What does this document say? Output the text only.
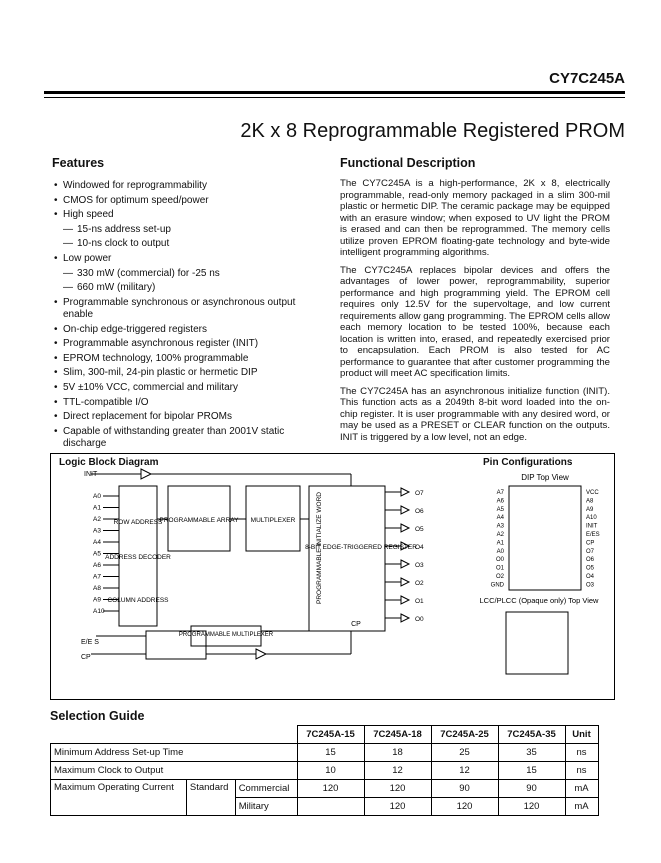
CY7C245A
2K x 8 Reprogrammable Registered PROM
Features
• Windowed for reprogrammability
• CMOS for optimum speed/power
• High speed
— 15-ns address set-up
— 10-ns clock to output
• Low power
— 330 mW (commercial) for -25 ns
— 660 mW (military)
• Programmable synchronous or asynchronous output enable
• On-chip edge-triggered registers
• Programmable asynchronous register (INIT)
• EPROM technology, 100% programmable
• Slim, 300-mil, 24-pin plastic or hermetic DIP
• 5V ±10% VCC, commercial and military
• TTL-compatible I/O
• Direct replacement for bipolar PROMs
• Capable of withstanding greater than 2001V static discharge
Functional Description

The CY7C245A is a high-performance, 2K x 8, electrically programmable, read-only memory packaged in a slim 300-mil plastic or hermetic DIP. The ceramic package may be equipped with an erasure window; when exposed to UV light the PROM is erased and can then be reprogrammed. The memory cells utilize proven EPROM floating-gate technology and byte-wide intelligent programming algorithms.

The CY7C245A replaces bipolar devices and offers the advantages of lower power, reprogrammability, superior performance and high programming yield. The EPROM cell requires only 12.5V for the supervoltage, and low current requirements allow gang programming. The EPROM cells allow each memory location to be tested 100%, because each location is written into, erased, and repeatedly exercised prior to encapsulation. Each PROM is also tested for AC performance to guarantee that after customer programming the product will meet AC specification limits.

The CY7C245A has an asynchronous initialize function (INIT). This function acts as a 2049th 8-bit word loaded into the on-chip register. It is user programmable with any desired word, or may be used as a PRESET or CLEAR function on the outputs. INIT is triggered by a low level, not an edge.

Logic Block Diagram	Pin Configurations
INIT
A0
A1
A2
A3
A4
A5
A6
A7
A8
A9
A10
ROW ADDRESS
ADDRESS DECODER
COLUMN ADDRESS
PROGRAMMABLE ARRAY MULTIPLEXER	PROGRAMMABLE INITIALIZE WORD
8-BIT EDGE-TRIGGERED REGISTER
CP
E/E S
CP
PROGRAMMABLE MULTIPLEXER
O7
O6
O5
O4
O3
O2
O1
O0
DIP Top View
A7
A6
A5
A4
A3
A2
A1
A0
O0
O1
O2
GND
VCC
A8
A9
A10
INIT
E/ES
CP
O7
O6
O5
O4
O3
LCC/PLCC (Opaque only) Top View
Selection Guide
			7C245A-15	7C245A-18	7C245A-25	7C245A-35	Unit
Minimum Address Set-up Time			15	18	25	35	ns
Maximum Clock to Output			10	12	12	15	ns
Maximum Operating Current	Standard	Commercial	120	120	90	90	mA
		Military		120	120	120	mA
